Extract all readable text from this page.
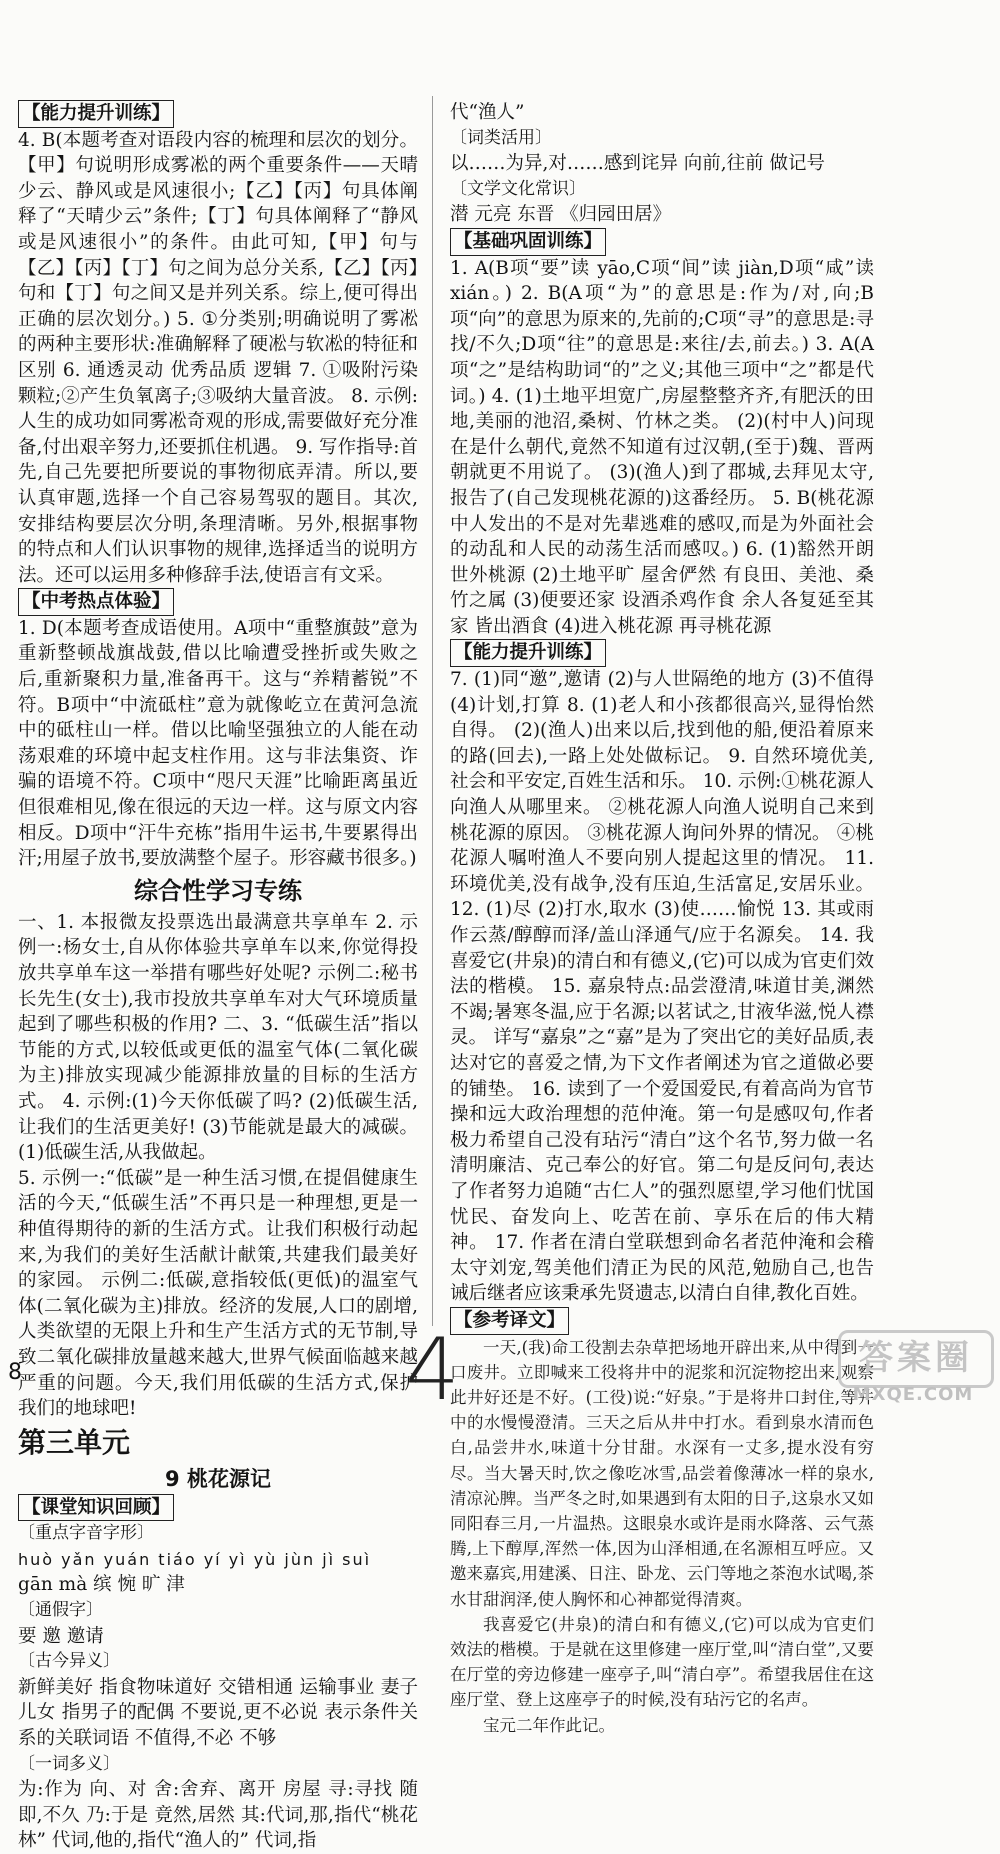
【能力提升训练】

4. B(本题考查对语段内容的梳理和层次的划分。【甲】句说明形成雾凇的两个重要条件——天晴少云、静风或是风速很小;【乙】【丙】句具体阐释了“天晴少云”条件;【丁】句具体阐释了“静风或是风速很小”的条件。由此可知,【甲】句与【乙】【丙】【丁】句之间为总分关系,【乙】【丙】句和【丁】句之间又是并列关系。综上,便可得出正确的层次划分。) 5. ①分类别;明确说明了雾凇的两种主要形状:准确解释了硬凇与软凇的特征和区别 6. 通透灵动 优秀品质 逻辑 7. ①吸附污染颗粒;②产生负氧离子;③吸纳大量音波。 8. 示例:人生的成功如同雾凇奇观的形成,需要做好充分准备,付出艰辛努力,还要抓住机遇。 9. 写作指导:首先,自己先要把所要说的事物彻底弄清。所以,要认真审题,选择一个自己容易驾驭的题目。其次,安排结构要层次分明,条理清晰。另外,根据事物的特点和人们认识事物的规律,选择适当的说明方法。还可以运用多种修辞手法,使语言有文采。

【中考热点体验】

1. D(本题考查成语使用。A项中“重整旗鼓”意为重新整顿战旗战鼓,借以比喻遭受挫折或失败之后,重新聚积力量,准备再干。这与“养精蓄锐”不符。B项中“中流砥柱”意为就像屹立在黄河急流中的砥柱山一样。借以比喻坚强独立的人能在动荡艰难的环境中起支柱作用。这与非法集资、诈骗的语境不符。C项中“咫尺天涯”比喻距离虽近但很难相见,像在很远的天边一样。这与原文内容相反。D项中“汗牛充栋”指用牛运书,牛要累得出汗;用屋子放书,要放满整个屋子。形容藏书很多。)

综合性学习专练

一、1. 本报微友投票选出最满意共享单车 2. 示例一:杨女士,自从你体验共享单车以来,你觉得投放共享单车这一举措有哪些好处呢? 示例二:秘书长先生(女士),我市投放共享单车对大气环境质量起到了哪些积极的作用? 二、3. “低碳生活”指以节能的方式,以较低或更低的温室气体(二氧化碳为主)排放实现减少能源排放量的目标的生活方式。 4. 示例:(1)今天你低碳了吗? (2)低碳生活,让我们的生活更美好! (3)节能就是最大的减碳。 (1)低碳生活,从我做起。

5. 示例一:“低碳”是一种生活习惯,在提倡健康生活的今天,“低碳生活”不再只是一种理想,更是一种值得期待的新的生活方式。让我们积极行动起来,为我们的美好生活献计献策,共建我们最美好的家园。 示例二:低碳,意指较低(更低)的温室气体(二氧化碳为主)排放。经济的发展,人口的剧增,人类欲望的无限上升和生产生活方式的无节制,导致二氧化碳排放量越来越大,世界气候面临越来越严重的问题。今天,我们用低碳的生活方式,保护我们的地球吧!

第三单元
9 桃花源记
【课堂知识回顾】
〔重点字音字形〕

huò yǎn yuán tiáo yí yì yù jùn jì suì

gān mà 缤 惋 旷 津

〔通假字〕

要 邀 邀请

〔古今异义〕

新鲜美好 指食物味道好 交错相通 运输事业 妻子儿女 指男子的配偶 不要说,更不必说 表示条件关系的关联词语 不值得,不必 不够

〔一词多义〕

为:作为 向、对 舍:舍弃、离开 房屋 寻:寻找 随即,不久 乃:于是 竟然,居然 其:代词,那,指代“桃花林” 代词,他的,指代“渔人的” 代词,指

代“渔人”

〔词类活用〕

以……为异,对……感到诧异 向前,往前 做记号

〔文学文化常识〕

潜 元亮 东晋 《归园田居》

【基础巩固训练】

1. A(B项“要”读 yāo,C项“间”读 jiàn,D项“咸”读 xián。) 2. B(A项“为”的意思是:作为/对,向;B项“向”的意思为原来的,先前的;C项“寻”的意思是:寻找/不久;D项“往”的意思是:来往/去,前去。) 3. A(A项“之”是结构助词“的”之义;其他三项中“之”都是代词。) 4. (1)土地平坦宽广,房屋整整齐齐,有肥沃的田地,美丽的池沼,桑树、竹林之类。 (2)(村中人)问现在是什么朝代,竟然不知道有过汉朝,(至于)魏、晋两朝就更不用说了。 (3)(渔人)到了郡城,去拜见太守,报告了(自己发现桃花源的)这番经历。 5. B(桃花源中人发出的不是对先辈逃难的感叹,而是为外面社会的动乱和人民的动荡生活而感叹。) 6. (1)豁然开朗 世外桃源 (2)土地平旷 屋舍俨然 有良田、美池、桑竹之属 (3)便要还家 设酒杀鸡作食 余人各复延至其家 皆出酒食 (4)进入桃花源 再寻桃花源

【能力提升训练】

7. (1)同“邀”,邀请 (2)与人世隔绝的地方 (3)不值得 (4)计划,打算 8. (1)老人和小孩都很高兴,显得怡然自得。 (2)(渔人)出来以后,找到他的船,便沿着原来的路(回去),一路上处处做标记。 9. 自然环境优美,社会和平安定,百姓生活和乐。 10. 示例:①桃花源人向渔人从哪里来。 ②桃花源人向渔人说明自己来到桃花源的原因。 ③桃花源人询问外界的情况。 ④桃花源人嘱咐渔人不要向别人提起这里的情况。 11. 环境优美,没有战争,没有压迫,生活富足,安居乐业。 12. (1)尽 (2)打水,取水 (3)使……愉悦 13. 其或雨作云蒸/醇醇而泽/盖山泽通气/应于名源矣。 14. 我喜爱它(井泉)的清白和有德义,(它)可以成为官吏们效法的楷模。 15. 嘉泉特点:品尝澄清,味道甘美,渊然不竭;暑寒冬温,应于名源;以茗试之,甘液华滋,悦人襟灵。 详写“嘉泉”之“嘉”是为了突出它的美好品质,表达对它的喜爱之情,为下文作者阐述为官之道做必要的铺垫。 16. 读到了一个爱国爱民,有着高尚为官节操和远大政治理想的范仲淹。第一句是感叹句,作者极力希望自己没有玷污“清白”这个名节,努力做一名清明廉洁、克己奉公的好官。第二句是反问句,表达了作者努力追随“古仁人”的强烈愿望,学习他们忧国忧民、奋发向上、吃苦在前、享乐在后的伟大精神。 17. 作者在清白堂联想到命名者范仲淹和会稽太守刘宠,驾美他们清正为民的风范,勉励自己,也告诫后继者应该秉承先贤遗志,以清白自律,教化百姓。

【参考译文】

一天,(我)命工役割去杂草把场地开辟出来,从中得到一口废井。立即喊来工役将井中的泥浆和沉淀物挖出来,观察此井好还是不好。(工役)说:“好泉。”于是将井口封住,等井中的水慢慢澄清。三天之后从井中打水。看到泉水清而色白,品尝井水,味道十分甘甜。水深有一丈多,提水没有穷尽。当大暑天时,饮之像吃冰雪,品尝着像薄冰一样的泉水,清凉沁脾。当严冬之时,如果遇到有太阳的日子,这泉水又如同阳春三月,一片温热。这眼泉水或许是雨水降落、云气蒸腾,上下醇厚,浑然一体,因为山泽相通,在名源相互呼应。又邀来嘉宾,用建溪、日注、卧龙、云门等地之茶泡水试喝,茶水甘甜润泽,使人胸怀和心神都觉得清爽。

我喜爱它(井泉)的清白和有德义,(它)可以成为官吏们效法的楷模。于是就在这里修建一座厅堂,叫“清白堂”,又要在厅堂的旁边修建一座亭子,叫“清白亭”。希望我居住在这座厅堂、登上这座亭子的时候,没有玷污它的名声。

宝元二年作此记。

8	4	答案圈
MXQE.COM
